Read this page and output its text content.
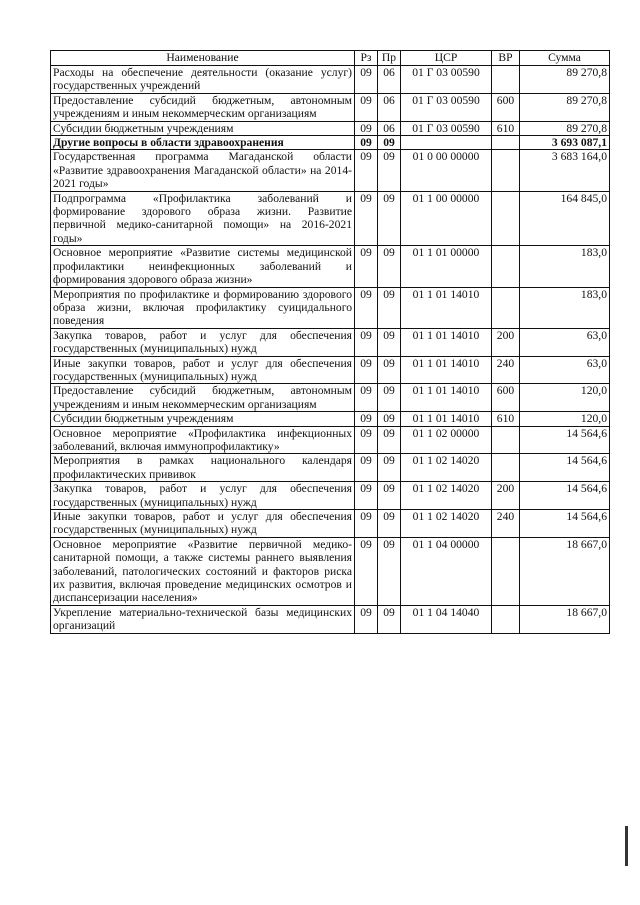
Наименование	Рз	Пр	ЦСР	ВР	Сумма
Расходы на обеспечение деятельности (оказание услуг) государственных учреждений	09	06	01 Г 03 00590		89 270,8
Предоставление субсидий бюджетным, автономным учреждениям и иным некоммерческим организациям	09	06	01 Г 03 00590	600	89 270,8
Субсидии бюджетным учреждениям	09	06	01 Г 03 00590	610	89 270,8
Другие вопросы в области здравоохранения	09	09			3 693 087,1
Государственная программа Магаданской области «Развитие здравоохранения Магаданской области» на 2014-2021 годы»	09	09	01 0 00 00000		3 683 164,0
Подпрограмма «Профилактика заболеваний и формирование здорового образа жизни. Развитие первичной медико-санитарной помощи» на 2016-2021 годы»	09	09	01 1 00 00000		164 845,0
Основное мероприятие «Развитие системы медицинской профилактики неинфекционных заболеваний и формирования здорового образа жизни»	09	09	01 1 01 00000		183,0
Мероприятия по профилактике и формированию здорового образа жизни, включая профилактику суицидального поведения	09	09	01 1 01 14010		183,0
Закупка товаров, работ и услуг для обеспечения государственных (муниципальных) нужд	09	09	01 1 01 14010	200	63,0
Иные закупки товаров, работ и услуг для обеспечения государственных (муниципальных) нужд	09	09	01 1 01 14010	240	63,0
Предоставление субсидий бюджетным, автономным учреждениям и иным некоммерческим организациям	09	09	01 1 01 14010	600	120,0
Субсидии бюджетным учреждениям	09	09	01 1 01 14010	610	120,0
Основное мероприятие «Профилактика инфекционных заболеваний, включая иммунопрофилактику»	09	09	01 1 02 00000		14 564,6
Мероприятия в рамках национального календаря профилактических прививок	09	09	01 1 02 14020		14 564,6
Закупка товаров, работ и услуг для обеспечения государственных (муниципальных) нужд	09	09	01 1 02 14020	200	14 564,6
Иные закупки товаров, работ и услуг для обеспечения государственных (муниципальных) нужд	09	09	01 1 02 14020	240	14 564,6
Основное мероприятие «Развитие первичной медико-санитарной помощи, а также системы раннего выявления заболеваний, патологических состояний и факторов риска их развития, включая проведение медицинских осмотров и диспансеризации населения»	09	09	01 1 04 00000		18 667,0
Укрепление материально-технической базы медицинских организаций	09	09	01 1 04 14040		18 667,0
